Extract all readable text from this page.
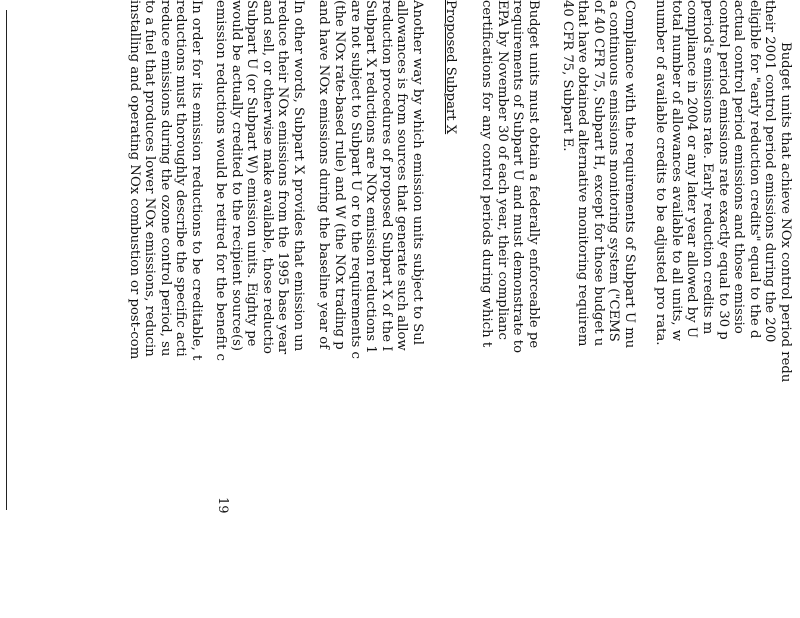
Budget units that achieve NOx control period redu
their 2001 control period emissions during the 200
eligible for "early reduction credits" equal to the d
actual control period emissions and those emissio
control period emissions rate exactly equal to 30 p
period's emissions rate. Early reduction credits m
compliance in 2004 or any later year allowed by U
total number of allowances available to all units, w
number of available credits to be adjusted pro rata.
Compliance with the requirements of Subpart U mu
a continuous emissions monitoring system ("CEMS
of 40 CFR 75, Subpart H, except for those budget u
that have obtained alternative monitoring requirem
40 CFR 75, Subpart E.
Budget units must obtain a federally enforceable pe
requirements of Subpart U and must demonstrate to
EPA by November 30 of each year, their complianc
certifications for any control periods during which t
Proposed Subpart X
Another way by which emission units subject to Sul
allowances is from sources that generate such allow
reduction procedures of proposed Subpart X of the I
Subpart X reductions are NOx emission reductions 1
are not subject to Subpart U or to the requirements c
(the NOx rate-based rule) and W (the NOx trading p
and have NOx emissions during the baseline year of
In other words, Subpart X provides that emission un
reduce their NOx emissions from the 1995 base year
and sell, or otherwise make available, those reductio
Subpart U (or Subpart W) emission units. Eighty pe
would be actually credited to the recipient source(s)
emission reductions would be retired for the benefit c
In order for its emission reductions to be creditable, t
reductions must thoroughly describe the specific acti
reduce emissions during the ozone control period, su
to a fuel that produces lower NOx emissions, reducin
installing and operating NOx combustion or post-com
19
